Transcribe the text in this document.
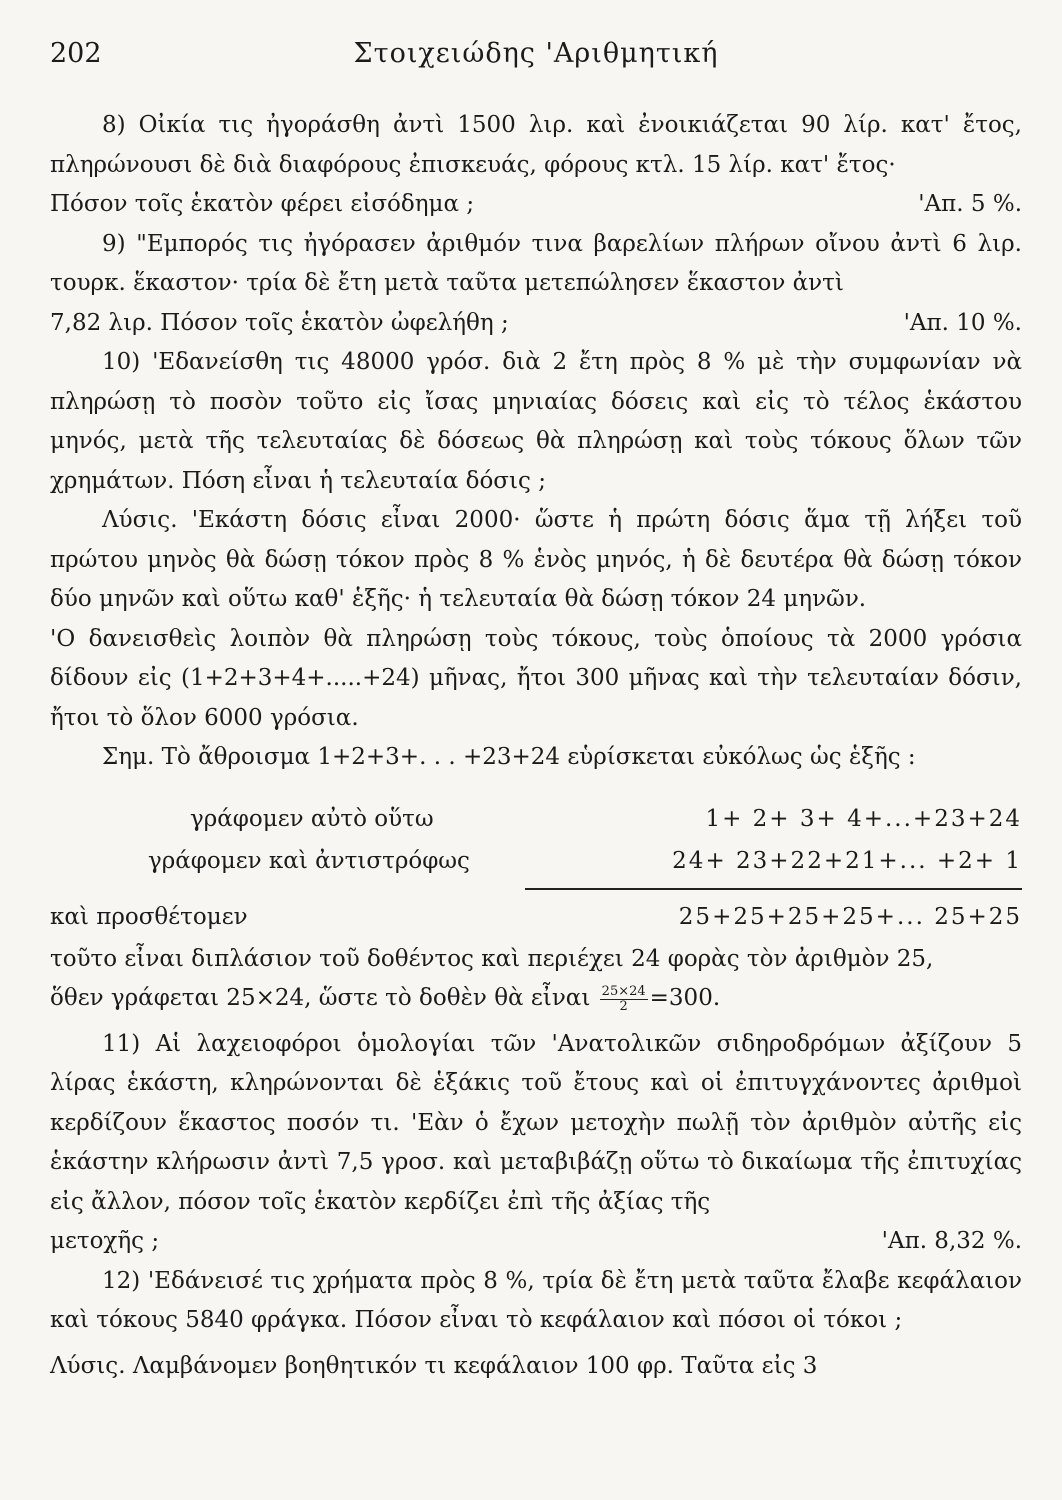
202	Στοιχειώδης 'Αριθμητική

8) Οἰκία τις ἠγοράσθη ἀντὶ 1500 λιρ. καὶ ἐνοικιάζεται 90 λίρ. κατ' ἔτος, πληρώνουσι δὲ διὰ διαφόρους ἐπισκευάς, φόρους κτλ. 15 λίρ. κατ' ἔτος·

Πόσον τοῖς ἑκατὸν φέρει εἰσόδημα ;	'Απ. 5 %.

9) "Εμπορός τις ἠγόρασεν ἀριθμόν τινα βαρελίων πλήρων οἴνου ἀντὶ 6 λιρ. τουρκ. ἕκαστον· τρία δὲ ἔτη μετὰ ταῦτα μετεπώλησεν ἕκαστον ἀντὶ

7,82 λιρ. Πόσον τοῖς ἑκατὸν ὠφελήθη ;	'Απ. 10 %.

10) 'Εδανείσθη τις 48000 γρόσ. διὰ 2 ἔτη πρὸς 8 % μὲ τὴν συμφωνίαν νὰ πληρώσῃ τὸ ποσὸν τοῦτο εἰς ἴσας μηνιαίας δόσεις καὶ εἰς τὸ τέλος ἑκάστου μηνός, μετὰ τῆς τελευταίας δὲ δόσεως θὰ πληρώσῃ καὶ τοὺς τόκους ὅλων τῶν χρημάτων. Πόση εἶναι ἡ τελευταία δόσις ;

Λύσις. 'Εκάστη δόσις εἶναι 2000· ὥστε ἡ πρώτη δόσις ἅμα τῇ λήξει τοῦ πρώτου μηνὸς θὰ δώσῃ τόκον πρὸς 8 % ἑνὸς μηνός, ἡ δὲ δευτέρα θὰ δώσῃ τόκον δύο μηνῶν καὶ οὕτω καθ' ἑξῆς· ἡ τελευταία θὰ δώσῃ τόκον 24 μηνῶν.

'Ο δανεισθεὶς λοιπὸν θὰ πληρώσῃ τοὺς τόκους, τοὺς ὁποίους τὰ 2000 γρόσια δίδουν εἰς (1+2+3+4+.....+24) μῆνας, ἤτοι 300 μῆνας καὶ τὴν τελευταίαν δόσιν, ἤτοι τὸ ὅλον 6000 γρόσια.

Σημ. Τὸ ἄθροισμα 1+2+3+. . . +23+24 εὑρίσκεται εὐκόλως ὡς ἑξῆς :

γράφομεν αὐτὸ οὕτω	1+ 2+ 3+ 4+...+23+24
γράφομεν καὶ ἀντιστρόφως	24+ 23+22+21+... +2+ 1
καὶ προσθέτομεν	25+25+25+25+... 25+25

τοῦτο εἶναι διπλάσιον τοῦ δοθέντος καὶ περιέχει 24 φορὰς τὸν ἀριθμὸν 25,

ὅθεν γράφεται 25×24, ὥστε τὸ δοθὲν θὰ εἶναι $\frac{25\times 24}{2} =300$.

11) Αἱ λαχειοφόροι ὁμολογίαι τῶν 'Ανατολικῶν σιδηροδρόμων ἀξίζουν 5 λίρας ἑκάστη, κληρώνονται δὲ ἑξάκις τοῦ ἔτους καὶ οἱ ἐπιτυγχάνοντες ἀριθμοὶ κερδίζουν ἕκαστος ποσόν τι. 'Εὰν ὁ ἔχων μετοχὴν πωλῇ τὸν ἀριθμὸν αὐτῆς εἰς ἑκάστην κλήρωσιν ἀντὶ 7,5 γροσ. καὶ μεταβιβάζῃ οὕτω τὸ δικαίωμα τῆς ἐπιτυχίας εἰς ἄλλον, πόσον τοῖς ἑκατὸν κερδίζει ἐπὶ τῆς ἀξίας τῆς

μετοχῆς ;	'Απ. 8,32 %.

12) 'Εδάνεισέ τις χρήματα πρὸς 8 %, τρία δὲ ἔτη μετὰ ταῦτα ἔλαβε κεφάλαιον καὶ τόκους 5840 φράγκα. Πόσον εἶναι τὸ κεφάλαιον καὶ πόσοι οἱ τόκοι ;

Λύσις. Λαμβάνομεν βοηθητικόν τι κεφάλαιον 100 φρ. Ταῦτα εἰς 3
